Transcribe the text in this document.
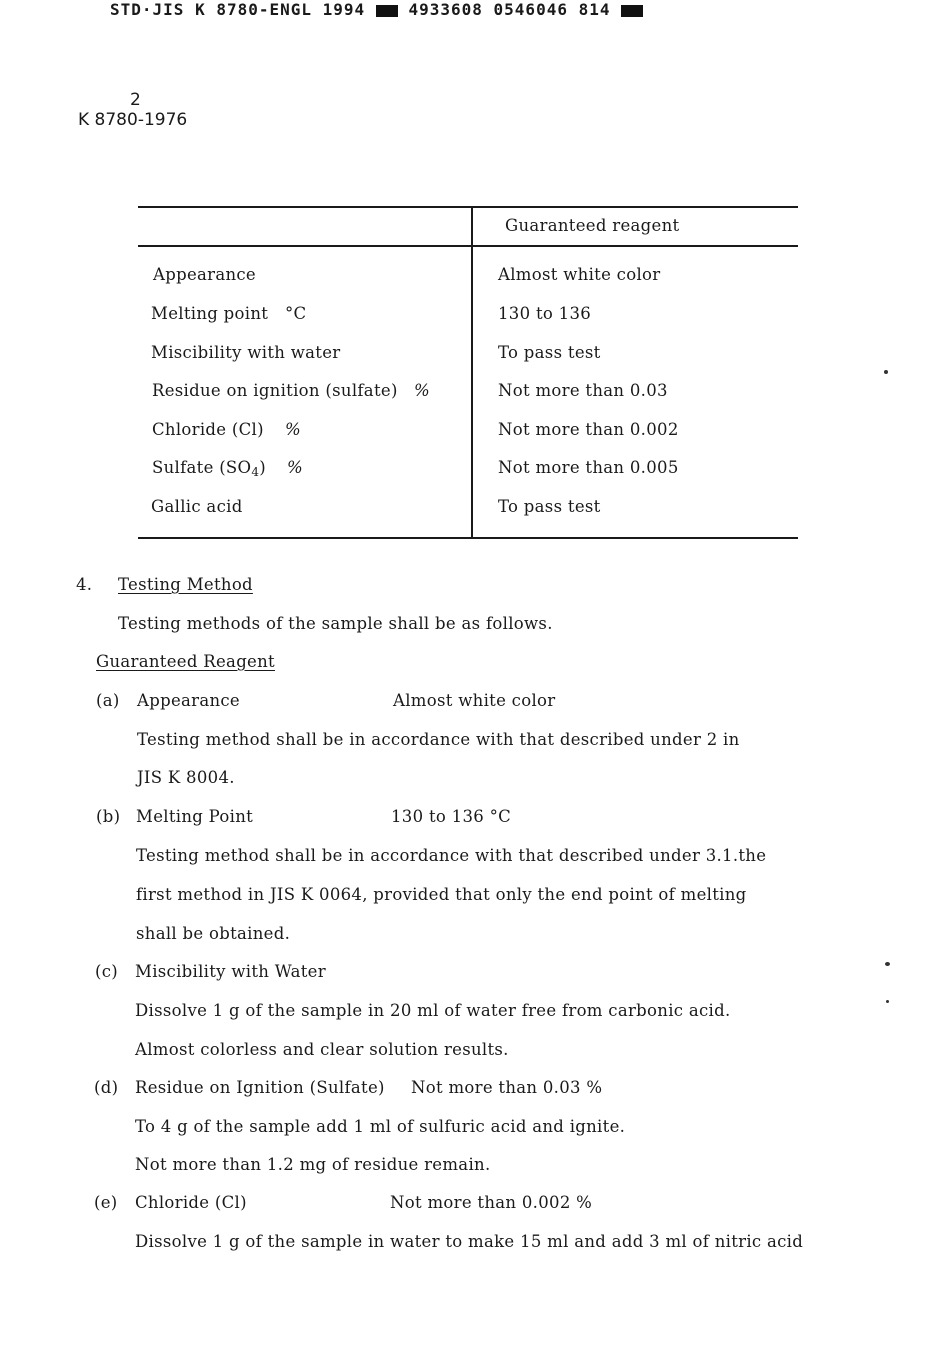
STD·JIS K 8780-ENGL 1994	4933608 0546046 814
2
K 8780-1976
Guaranteed reagent
Appearance	Almost white color
Melting point °C	130 to 136
Miscibility with water	To pass test
Residue on ignition (sulfate) %	Not more than 0.03
Chloride (Cl) %	Not more than 0.002
Sulfate $(SO_4)$ %	Not more than 0.005
Gallic acid	To pass test
4. Testing Method
Testing methods of the sample shall be as follows.
Guaranteed Reagent
(a) Appearance	Almost white color
Testing method shall be in accordance with that described under 2 in
JIS K 8004.
(b) Melting Point	130 to 136 °C
Testing method shall be in accordance with that described under 3.1.the
first method in JIS K 0064, provided that only the end point of melting
shall be obtained.
(c) Miscibility with Water
Dissolve 1 g of the sample in 20 ml of water free from carbonic acid.
Almost colorless and clear solution results.
(d) Residue on Ignition (Sulfate) Not more than 0.03 %
To 4 g of the sample add 1 ml of sulfuric acid and ignite.
Not more than 1.2 mg of residue remain.
(e) Chloride (Cl)	Not more than 0.002 %
Dissolve 1 g of the sample in water to make 15 ml and add 3 ml of nitric acid
